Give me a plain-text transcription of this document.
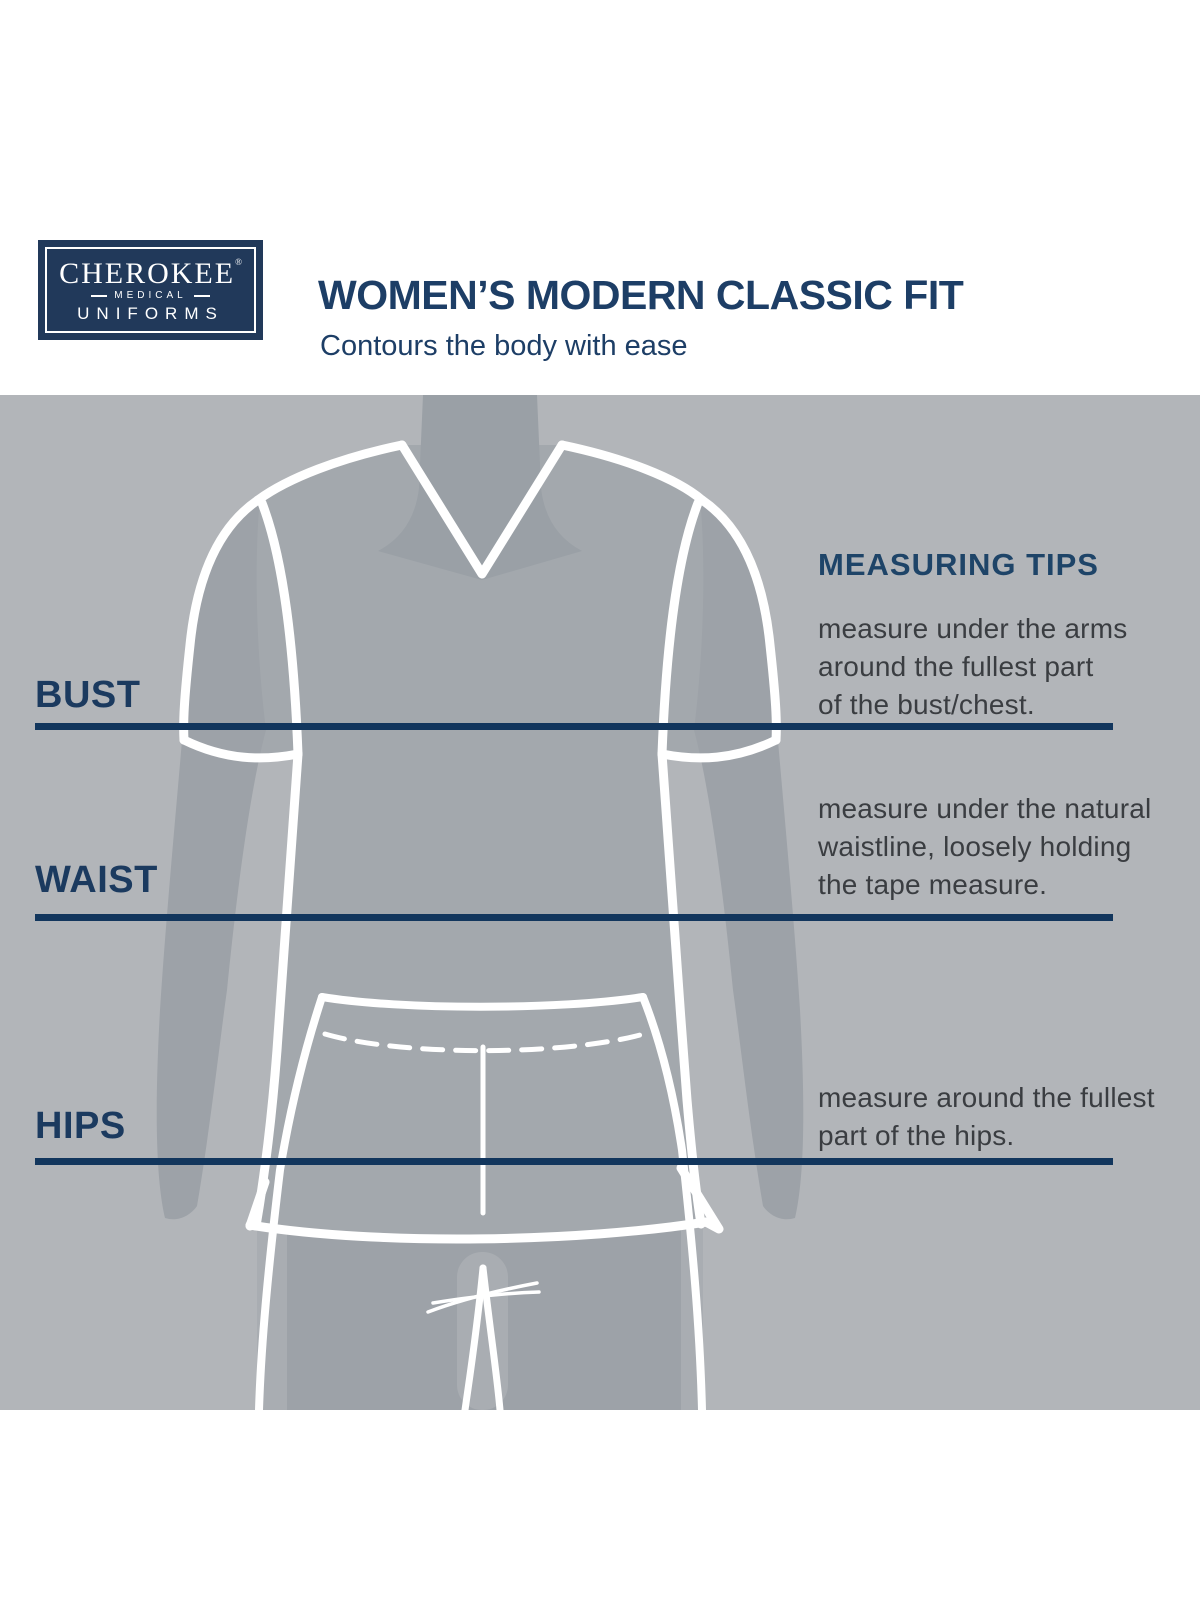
CHEROKEE®
MEDICAL
UNIFORMS WOMEN’S MODERN CLASSIC FIT

Contours the body with ease

BUST
WAIST
HIPS
MEASURING TIPS
measure under the arms
around the fullest part
of the bust/chest.
measure under the natural
waistline, loosely holding
the tape measure.
measure around the fullest
part of the hips.
